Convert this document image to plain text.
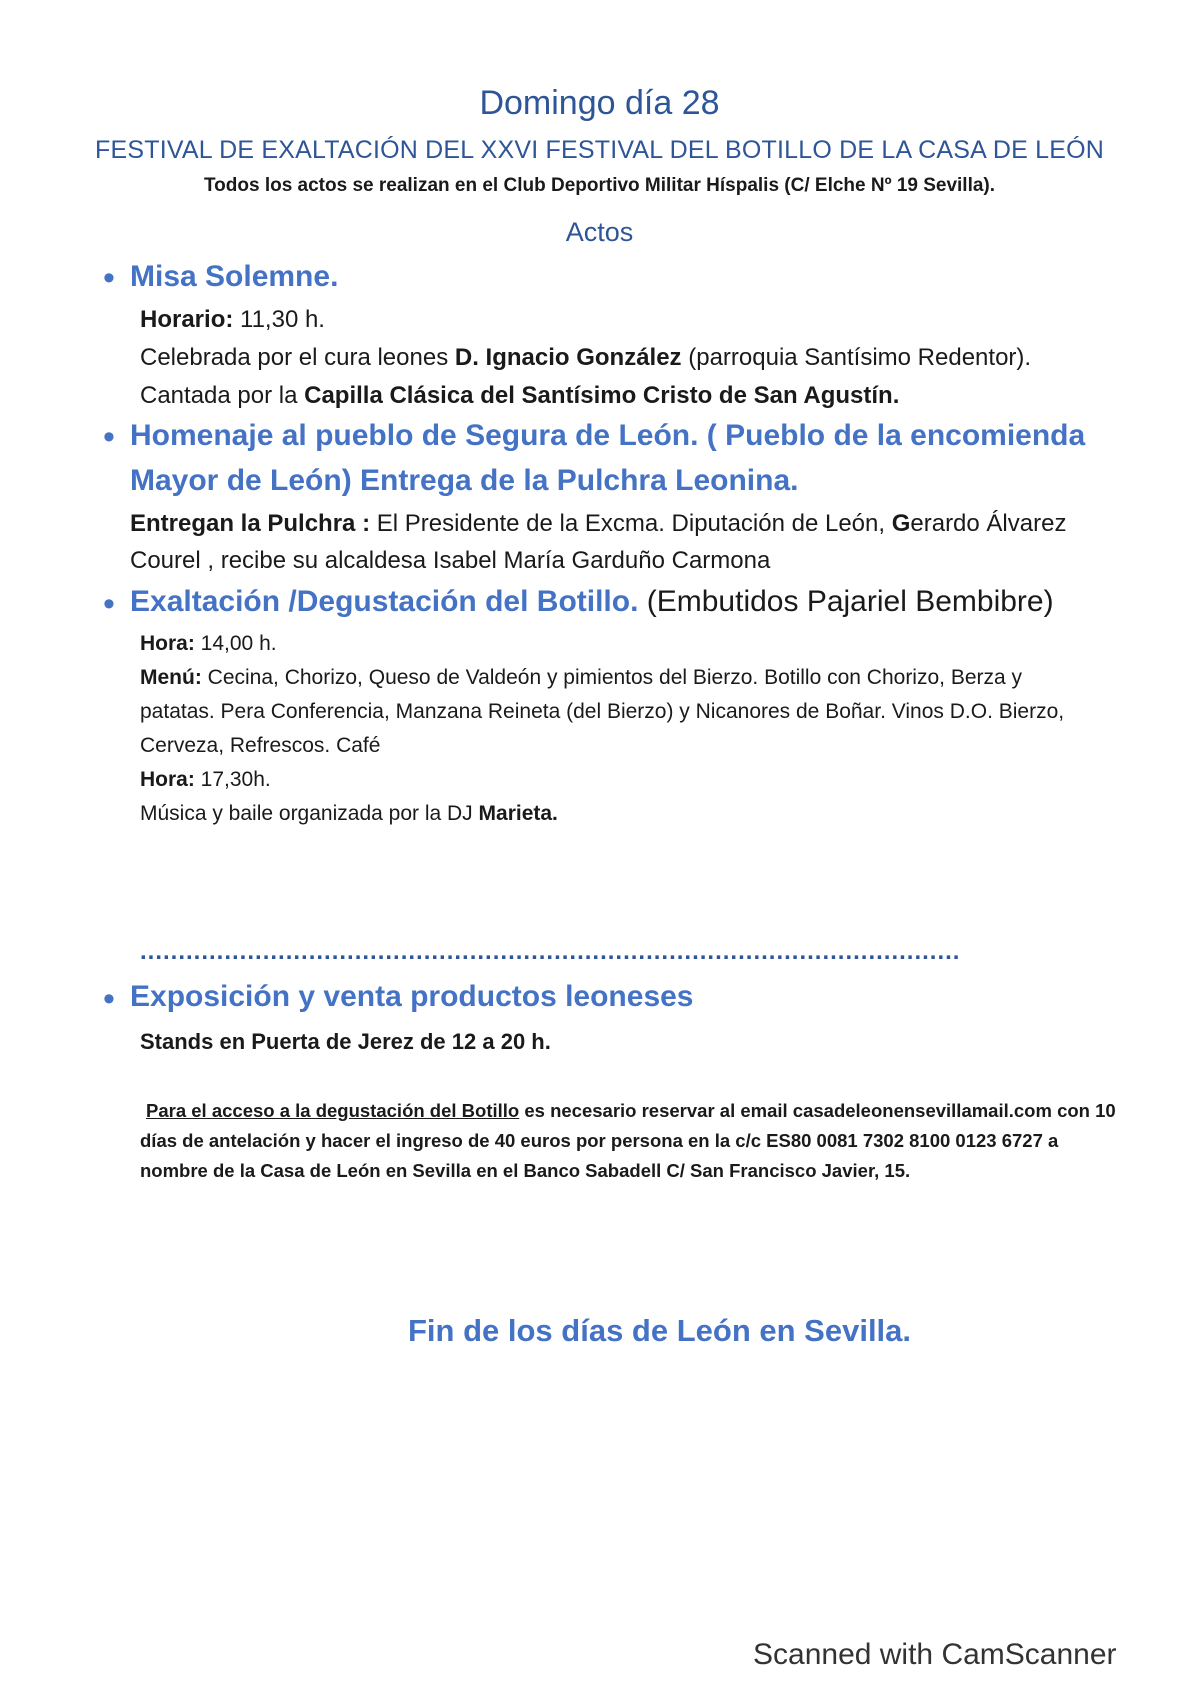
Domingo día 28
FESTIVAL DE EXALTACIÓN DEL XXVI FESTIVAL DEL BOTILLO DE LA CASA DE LEÓN
Todos los actos se realizan en el Club Deportivo Militar Híspalis (C/ Elche Nº 19 Sevilla).
Actos
• Misa Solemne.
Horario: 11,30 h.
Celebrada por el cura leones D. Ignacio González (parroquia Santísimo Redentor).
Cantada por la Capilla Clásica del Santísimo Cristo de San Agustín.
• Homenaje al pueblo de Segura de León. ( Pueblo de la encomienda
Mayor de León) Entrega de la Pulchra Leonina.
Entregan la Pulchra : El Presidente de la Excma. Diputación de León, Gerardo Álvarez
Courel , recibe su alcaldesa Isabel María Garduño Carmona
• Exaltación /Degustación del Botillo. (Embutidos Pajariel Bembibre)
Hora: 14,00 h.
Menú: Cecina, Chorizo, Queso de Valdeón y pimientos del Bierzo. Botillo con Chorizo, Berza y
patatas. Pera Conferencia, Manzana Reineta (del Bierzo) y Nicanores de Boñar. Vinos D.O. Bierzo,
Cerveza, Refrescos. Café
Hora: 17,30h.
Música y baile organizada por la DJ Marieta.
...........................................................................................................
• Exposición y venta productos leoneses
Stands en Puerta de Jerez de 12 a 20 h.
Para el acceso a la degustación del Botillo es necesario reservar al email casadeleonensevillamail.com con 10
días de antelación y hacer el ingreso de 40 euros por persona en la c/c ES80 0081 7302 8100 0123 6727 a
nombre de la Casa de León en Sevilla en el Banco Sabadell C/ San Francisco Javier, 15.
Fin de los días de León en Sevilla.
Scanned with CamScanner
